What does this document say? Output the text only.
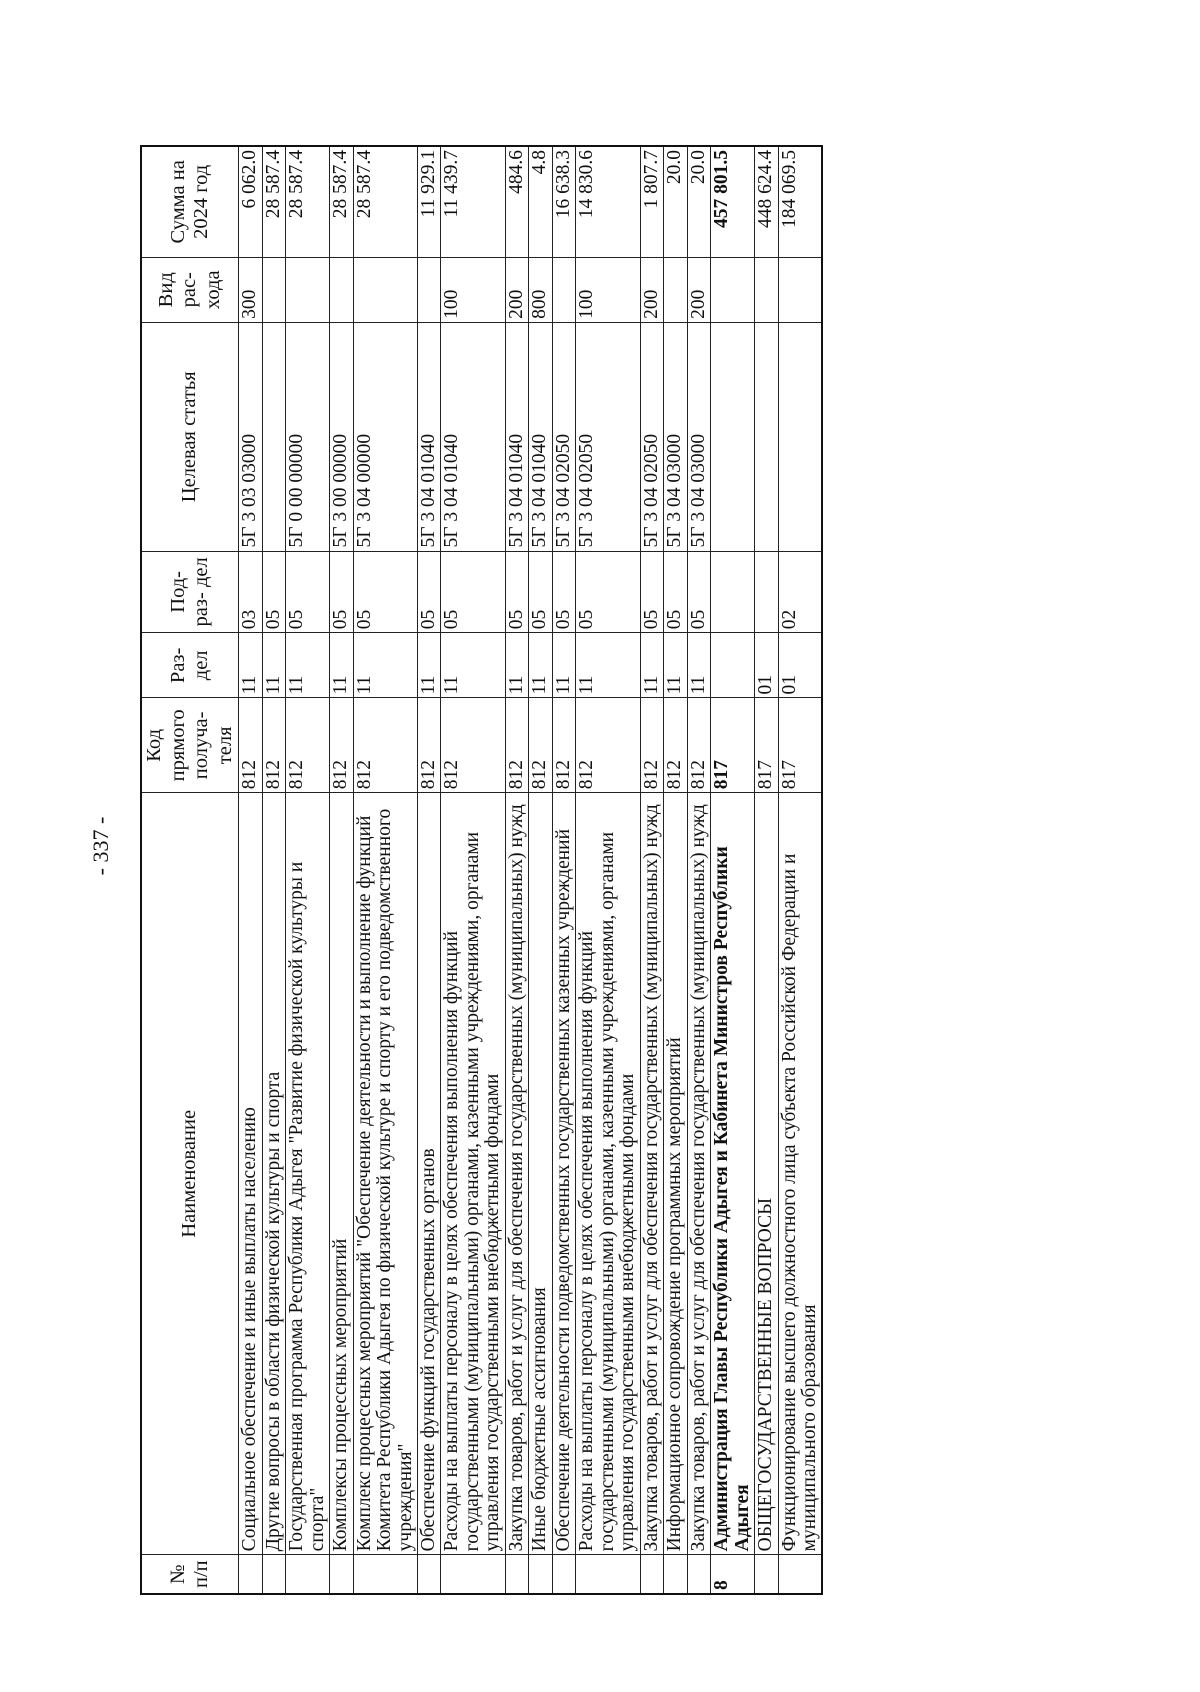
- 337 -
№ п/п	Наименование	Код прямого получа- теля	Раз- дел	Под- раз- дел	Целевая статья	Вид рас- хода	Сумма на 2024 год
	Социальное обеспечение и иные выплаты населению	812	11	03	5Г 3 03 03000	300	6 062.0
	Другие вопросы в области физической культуры и спорта	812	11	05			28 587.4
	Государственная программа Республики Адыгея "Развитие физической культуры и спорта"	812	11	05	5Г 0 00 00000		28 587.4
	Комплексы процессных мероприятий	812	11	05	5Г 3 00 00000		28 587.4
	Комплекс процессных мероприятий "Обеспечение деятельности и выполнение функций Комитета Республики Адыгея по физической культуре и спорту и его подведомственного учреждения"	812	11	05	5Г 3 04 00000		28 587.4
	Обеспечение функций государственных органов	812	11	05	5Г 3 04 01040		11 929.1
	Расходы на выплаты персоналу в целях обеспечения выполнения функций государственными (муниципальными) органами, казенными учреждениями, органами управления государственными внебюджетными фондами	812	11	05	5Г 3 04 01040	100	11 439.7
	Закупка товаров, работ и услуг для обеспечения государственных (муниципальных) нужд	812	11	05	5Г 3 04 01040	200	484.6
	Иные бюджетные ассигнования	812	11	05	5Г 3 04 01040	800	4.8
	Обеспечение деятельности подведомственных государственных казенных учреждений	812	11	05	5Г 3 04 02050		16 638.3
	Расходы на выплаты персоналу в целях обеспечения выполнения функций государственными (муниципальными) органами, казенными учреждениями, органами управления государственными внебюджетными фондами	812	11	05	5Г 3 04 02050	100	14 830.6
	Закупка товаров, работ и услуг для обеспечения государственных (муниципальных) нужд	812	11	05	5Г 3 04 02050	200	1 807.7
	Информационное сопровождение программных мероприятий	812	11	05	5Г 3 04 03000		20.0
	Закупка товаров, работ и услуг для обеспечения государственных (муниципальных) нужд	812	11	05	5Г 3 04 03000	200	20.0
8	Администрация Главы Республики Адыгея и Кабинета Министров Республики Адыгея	817					457 801.5
	ОБЩЕГОСУДАРСТВЕННЫЕ ВОПРОСЫ	817	01				448 624.4
	Функционирование высшего должностного лица субъекта Российской Федерации и муниципального образования	817	01	02			184 069.5
